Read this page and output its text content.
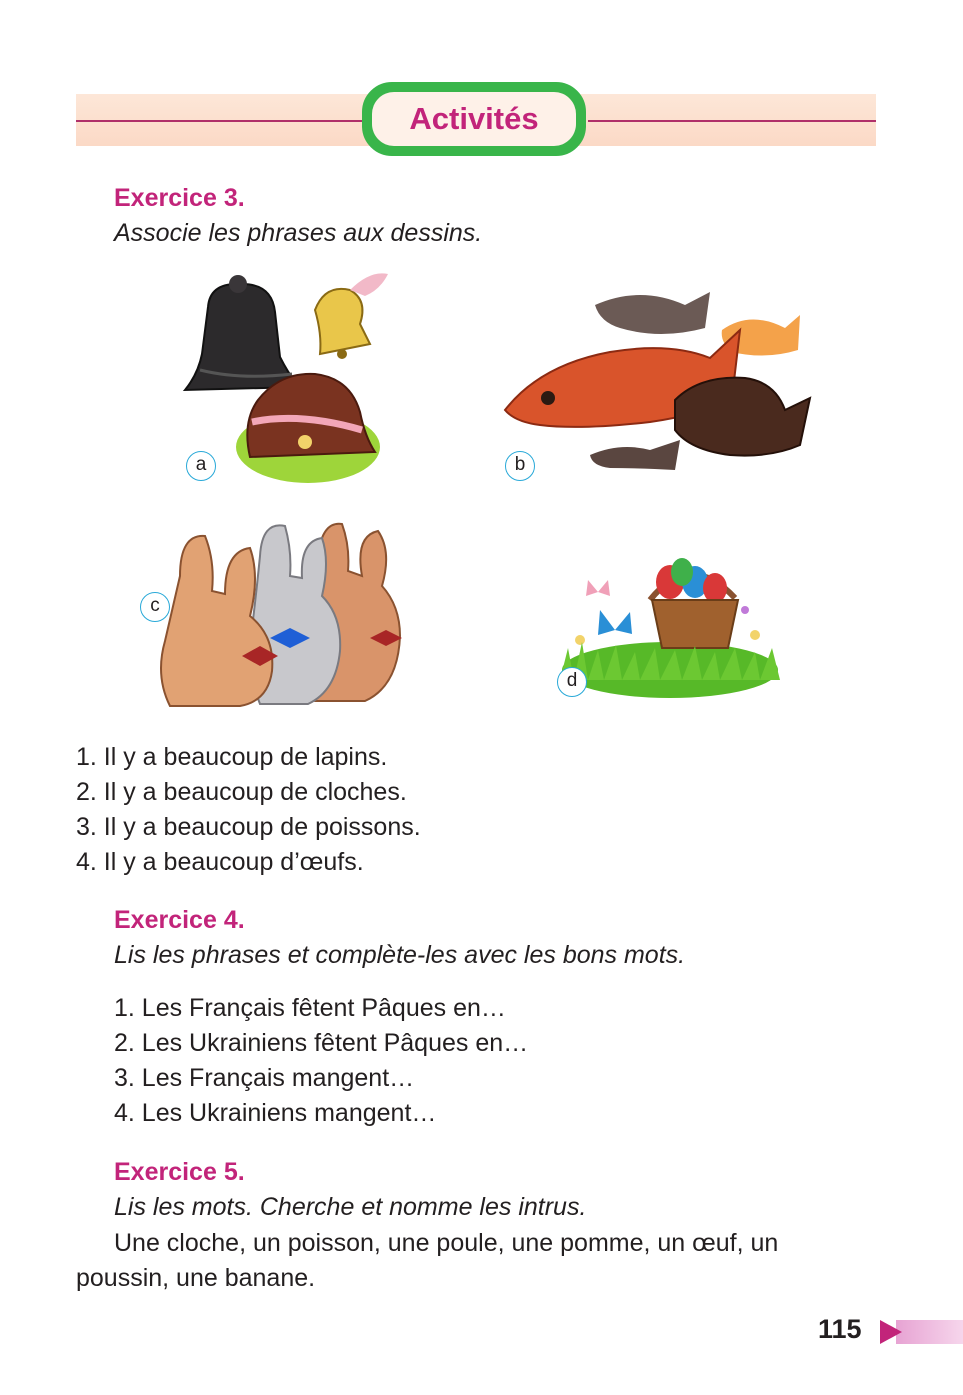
Activités
Exercice 3.
Associe les phrases aux dessins.
a	b
c
d
1. Il y a beaucoup de lapins.
2. Il y a beaucoup de cloches.
3. Il y a beaucoup de poissons.
4. Il y a beaucoup d’œufs.
Exercice 4.
Lis les phrases et complète-les avec les bons mots.
1. Les Français fêtent Pâques en…
2. Les Ukrainiens fêtent Pâques en…
3. Les Français mangent…
4. Les Ukrainiens mangent…
Exercice 5.
Lis les mots. Cherche et nomme les intrus.

Une cloche, un poisson, une poule, une pomme, un œuf, un poussin, une banane.

115
